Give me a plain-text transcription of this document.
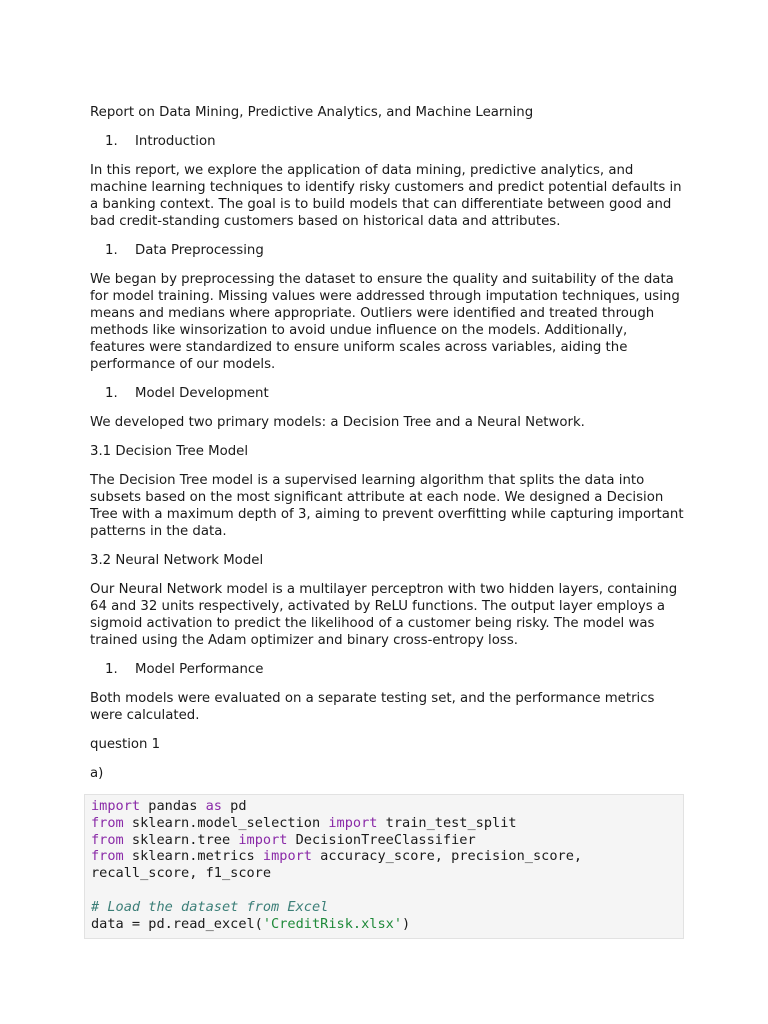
Report on Data Mining, Predictive Analytics, and Machine Learning
1.	Introduction

In this report, we explore the application of data mining, predictive analytics, and machine learning techniques to identify risky customers and predict potential defaults in a banking context. The goal is to build models that can differentiate between good and bad credit-standing customers based on historical data and attributes.

1.	Data Preprocessing

We began by preprocessing the dataset to ensure the quality and suitability of the data for model training. Missing values were addressed through imputation techniques, using means and medians where appropriate. Outliers were identified and treated through methods like winsorization to avoid undue influence on the models. Additionally, features were standardized to ensure uniform scales across variables, aiding the performance of our models.

1.	Model Development

We developed two primary models: a Decision Tree and a Neural Network.

3.1 Decision Tree Model

The Decision Tree model is a supervised learning algorithm that splits the data into subsets based on the most significant attribute at each node. We designed a Decision Tree with a maximum depth of 3, aiming to prevent overfitting while capturing important patterns in the data.

3.2 Neural Network Model

Our Neural Network model is a multilayer perceptron with two hidden layers, containing 64 and 32 units respectively, activated by ReLU functions. The output layer employs a sigmoid activation to predict the likelihood of a customer being risky. The model was trained using the Adam optimizer and binary cross-entropy loss.

1.	Model Performance

Both models were evaluated on a separate testing set, and the performance metrics were calculated.

question 1

a)

import pandas as pd
from sklearn.model_selection import train_test_split
from sklearn.tree import DecisionTreeClassifier
from sklearn.metrics import accuracy_score, precision_score,
recall_score, f1_score
# Load the dataset from Excel
data = pd.read_excel('CreditRisk.xlsx')
